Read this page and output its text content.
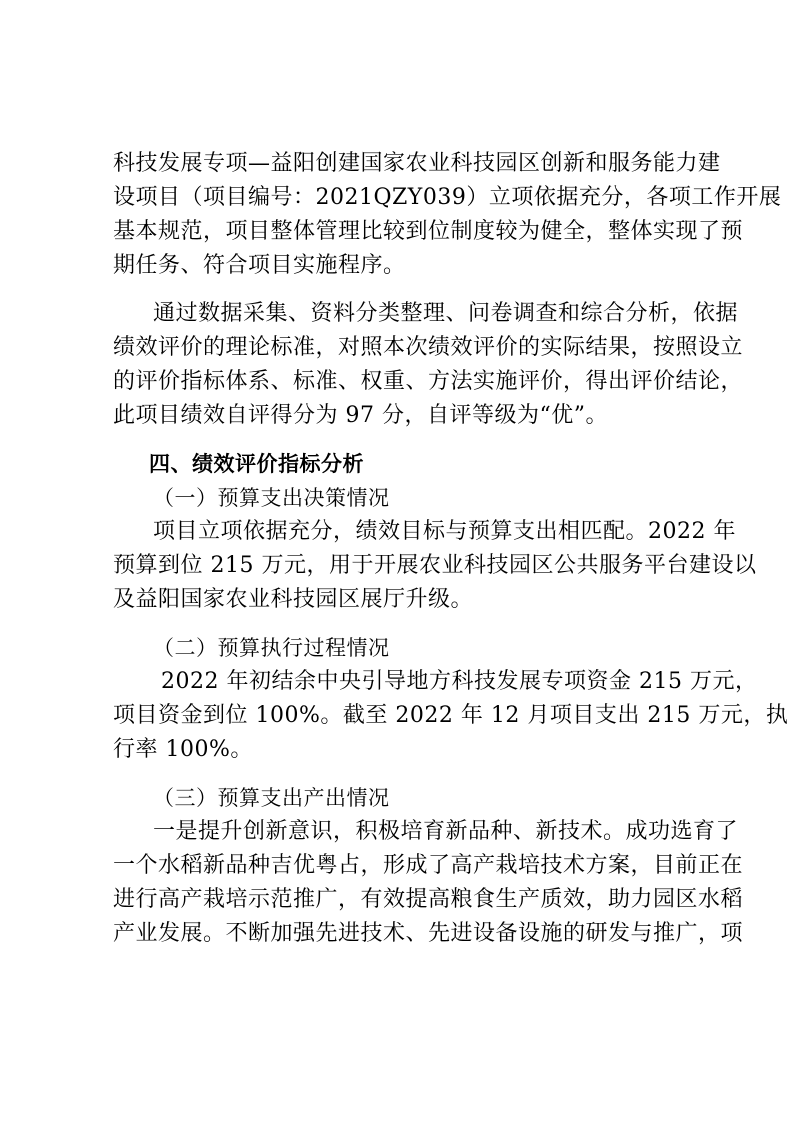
科技发展专项—益阳创建国家农业科技园区创新和服务能力建
设项目（项目编号：2021QZY039）立项依据充分，各项工作开展
基本规范，项目整体管理比较到位制度较为健全，整体实现了预
期任务、符合项目实施程序。
通过数据采集、资料分类整理、问卷调查和综合分析，依据
绩效评价的理论标准，对照本次绩效评价的实际结果，按照设立
的评价指标体系、标准、权重、方法实施评价，得出评价结论，
此项目绩效自评得分为 97 分，自评等级为“优”。
四、绩效评价指标分析
（一）预算支出决策情况
项目立项依据充分，绩效目标与预算支出相匹配。2022 年
预算到位 215 万元，用于开展农业科技园区公共服务平台建设以
及益阳国家农业科技园区展厅升级。
（二）预算执行过程情况
2022 年初结余中央引导地方科技发展专项资金 215 万元，
项目资金到位 100%。截至 2022 年 12 月项目支出 215 万元，执
行率 100%。
（三）预算支出产出情况
一是提升创新意识，积极培育新品种、新技术。成功选育了
一个水稻新品种吉优粤占，形成了高产栽培技术方案，目前正在
进行高产栽培示范推广，有效提高粮食生产质效，助力园区水稻
产业发展。不断加强先进技术、先进设备设施的研发与推广，项
